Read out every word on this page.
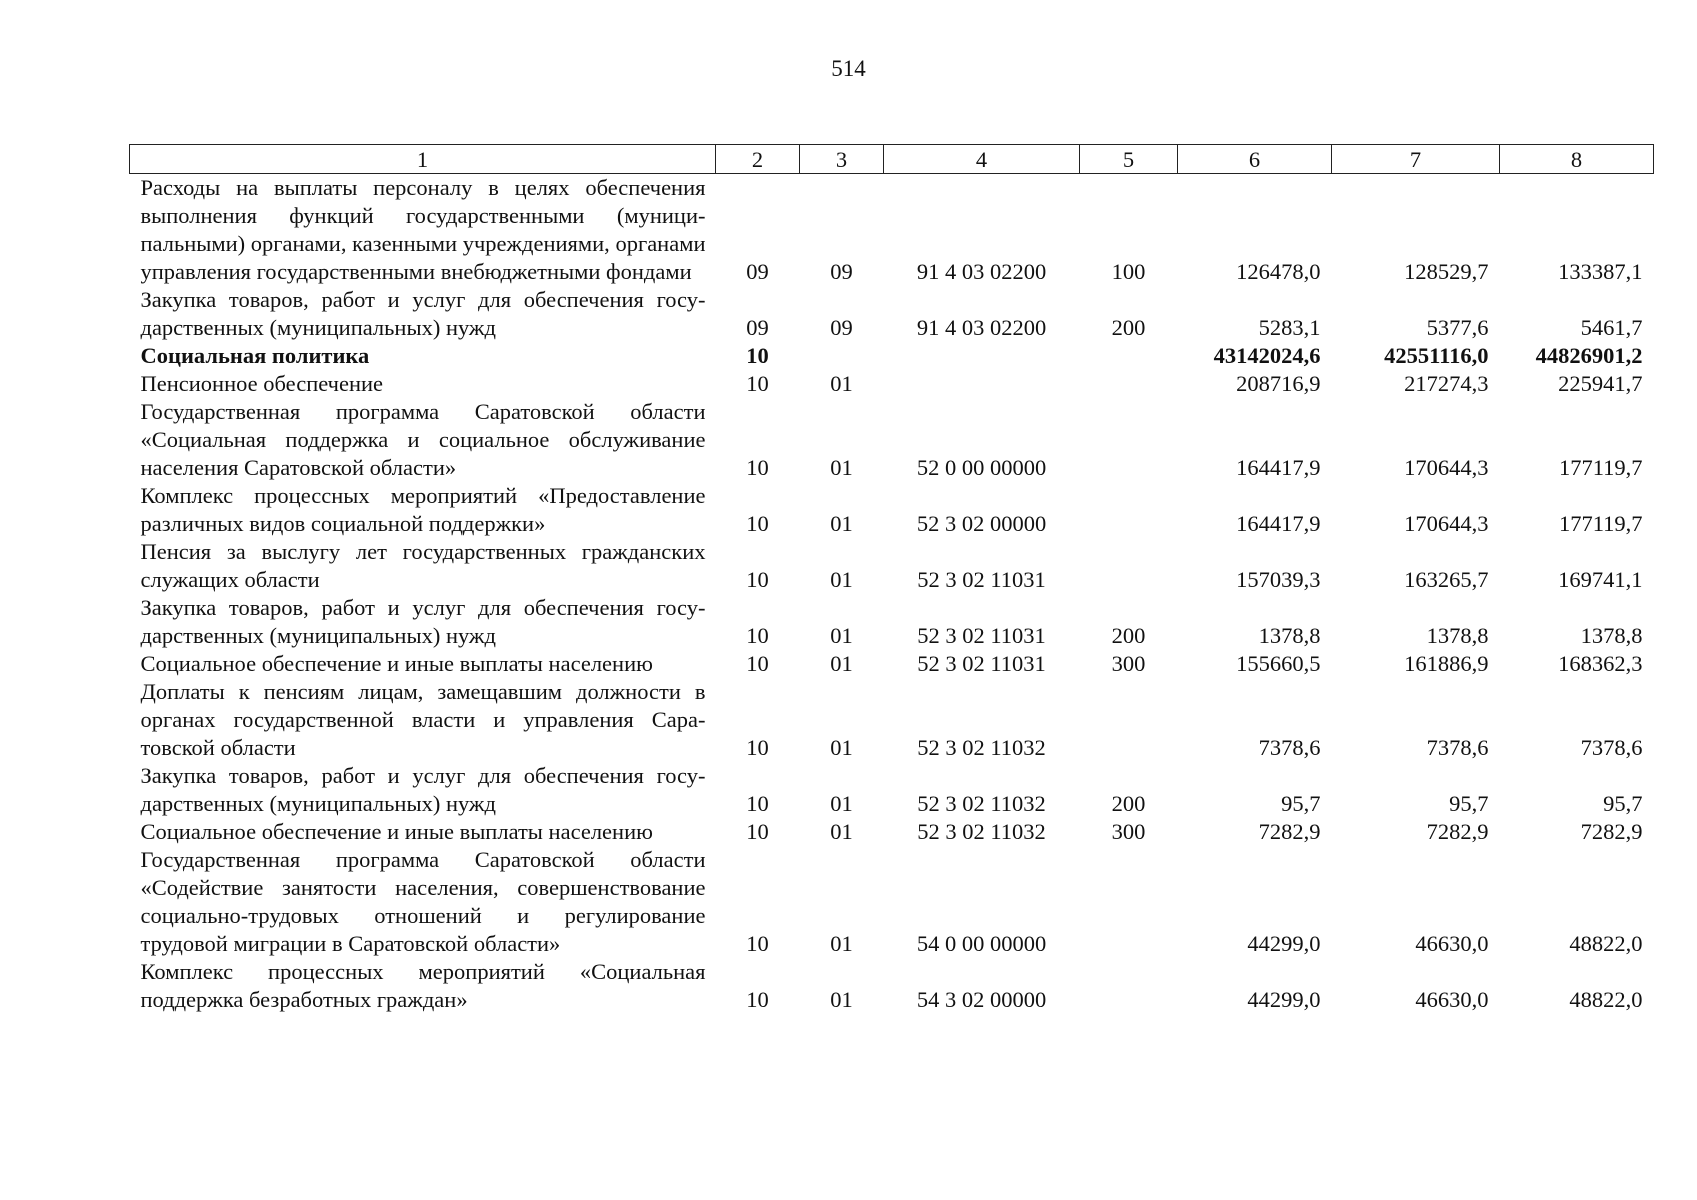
514
1	2	3	4	5	6	7	8
Расходы на выплаты персоналу в целях обеспечения выполнения функций государственными (муниципальными) органами, казенными учреждениями, органами управления государственными внебюджетными фондами	09	09	91 4 03 02200	100	126478,0	128529,7	133387,1
Закупка товаров, работ и услуг для обеспечения государственных (муниципальных) нужд	09	09	91 4 03 02200	200	5283,1	5377,6	5461,7
Социальная политика	10				43142024,6	42551116,0	44826901,2
Пенсионное обеспечение	10	01			208716,9	217274,3	225941,7
Государственная программа Саратовской области «Социальная поддержка и социальное обслуживание населения Саратовской области»	10	01	52 0 00 00000		164417,9	170644,3	177119,7
Комплекс процессных мероприятий «Предоставление различных видов социальной поддержки»	10	01	52 3 02 00000		164417,9	170644,3	177119,7
Пенсия за выслугу лет государственных гражданских служащих области	10	01	52 3 02 11031		157039,3	163265,7	169741,1
Закупка товаров, работ и услуг для обеспечения государственных (муниципальных) нужд	10	01	52 3 02 11031	200	1378,8	1378,8	1378,8
Социальное обеспечение и иные выплаты населению	10	01	52 3 02 11031	300	155660,5	161886,9	168362,3
Доплаты к пенсиям лицам, замещавшим должности в органах государственной власти и управления Саратовской области	10	01	52 3 02 11032		7378,6	7378,6	7378,6
Закупка товаров, работ и услуг для обеспечения государственных (муниципальных) нужд	10	01	52 3 02 11032	200	95,7	95,7	95,7
Социальное обеспечение и иные выплаты населению	10	01	52 3 02 11032	300	7282,9	7282,9	7282,9
Государственная программа Саратовской области «Содействие занятости населения, совершенствование социально-трудовых отношений и регулирование трудовой миграции в Саратовской области»	10	01	54 0 00 00000		44299,0	46630,0	48822,0
Комплекс процессных мероприятий «Социальная поддержка безработных граждан»	10	01	54 3 02 00000		44299,0	46630,0	48822,0
